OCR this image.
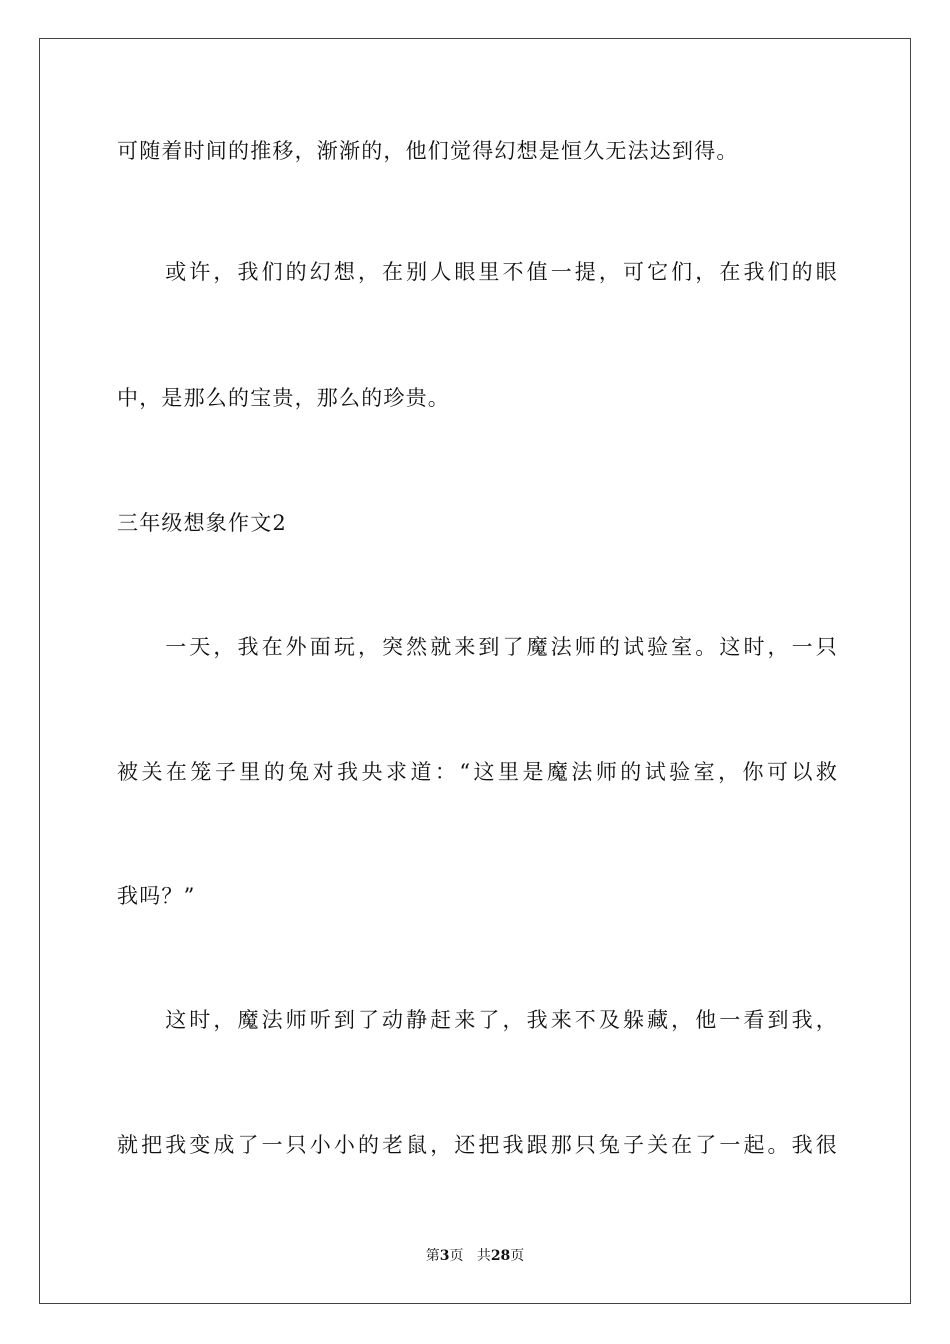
可随着时间的推移，渐渐的，他们觉得幻想是恒久无法达到得。

或 许 ， 我 们 的 幻 想 ， 在 别 人 眼 里 不 值 一 提 ， 可 它 们 ， 在 我 们 的 眼
中，是那么的宝贵，那么的珍贵。
三年级想象作文2

一 天 ， 我 在 外 面 玩 ， 突 然 就 来 到 了 魔 法 师 的 试 验 室 。 这 时 ， 一 只
被 关 在 笼 子 里 的 兔 对 我 央 求 道 ： “ 这 里 是 魔 法 师 的 试 验 室 ， 你 可 以 救
我吗？”

这 时 ， 魔 法 师 听 到 了 动 静 赶 来 了 ， 我 来 不 及 躲 藏 ， 他 一 看 到 我 ，
就 把 我 变 成 了 一 只 小 小 的 老 鼠 ， 还 把 我 跟 那 只 兔 子 关 在 了 一 起 。 我 很
第3页 共28页
